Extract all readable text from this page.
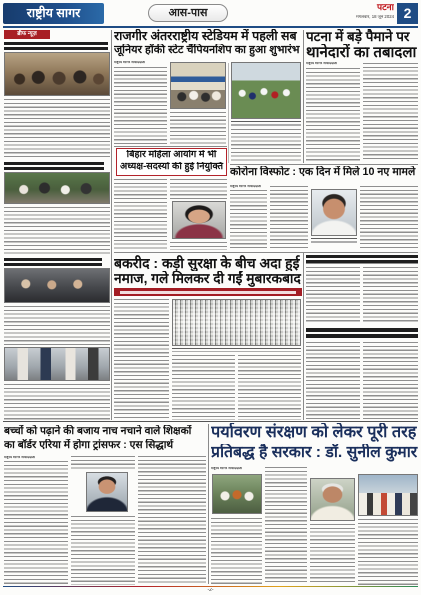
राष्ट्रीय सागर	आस-पास	पटना
मंगलवार, 18 जून 2024 2
ब्रीफ न्यूज़	राजगीर अंतरराष्ट्रीय स्टेडियम में पहली सब
जूनियर हॉकी स्टेट चैंपियनशिप का हुआ शुभारंभ
राष्ट्रीय सागर संवाददाता
पटना में बड़े पैमाने पर
थानेदारों का तबादला
राष्ट्रीय सागर संवाददाता
बिहार महिला आयोग में भी
अध्यक्ष-सदस्यों की हुई नियुक्ति कोरोना विस्फोट : एक दिन में मिले 10 नए मामले
राष्ट्रीय सागर संवाददाता
बकरीद : कड़ी सुरक्षा के बीच अदा हुई
नमाज, गले मिलकर दी गईं मुबारकबाद
बच्चों को पढ़ाने की बजाय नाच नचाने वाले शिक्षकों
का बॉर्डर एरिया में होगा ट्रांसफर : एस सिद्धार्थ
राष्ट्रीय सागर संवाददाता
पर्यावरण संरक्षण को लेकर पूरी तरह
प्रतिबद्ध है सरकार : डॉ. सुनील कुमार
राष्ट्रीय सागर संवाददाता
-2-
